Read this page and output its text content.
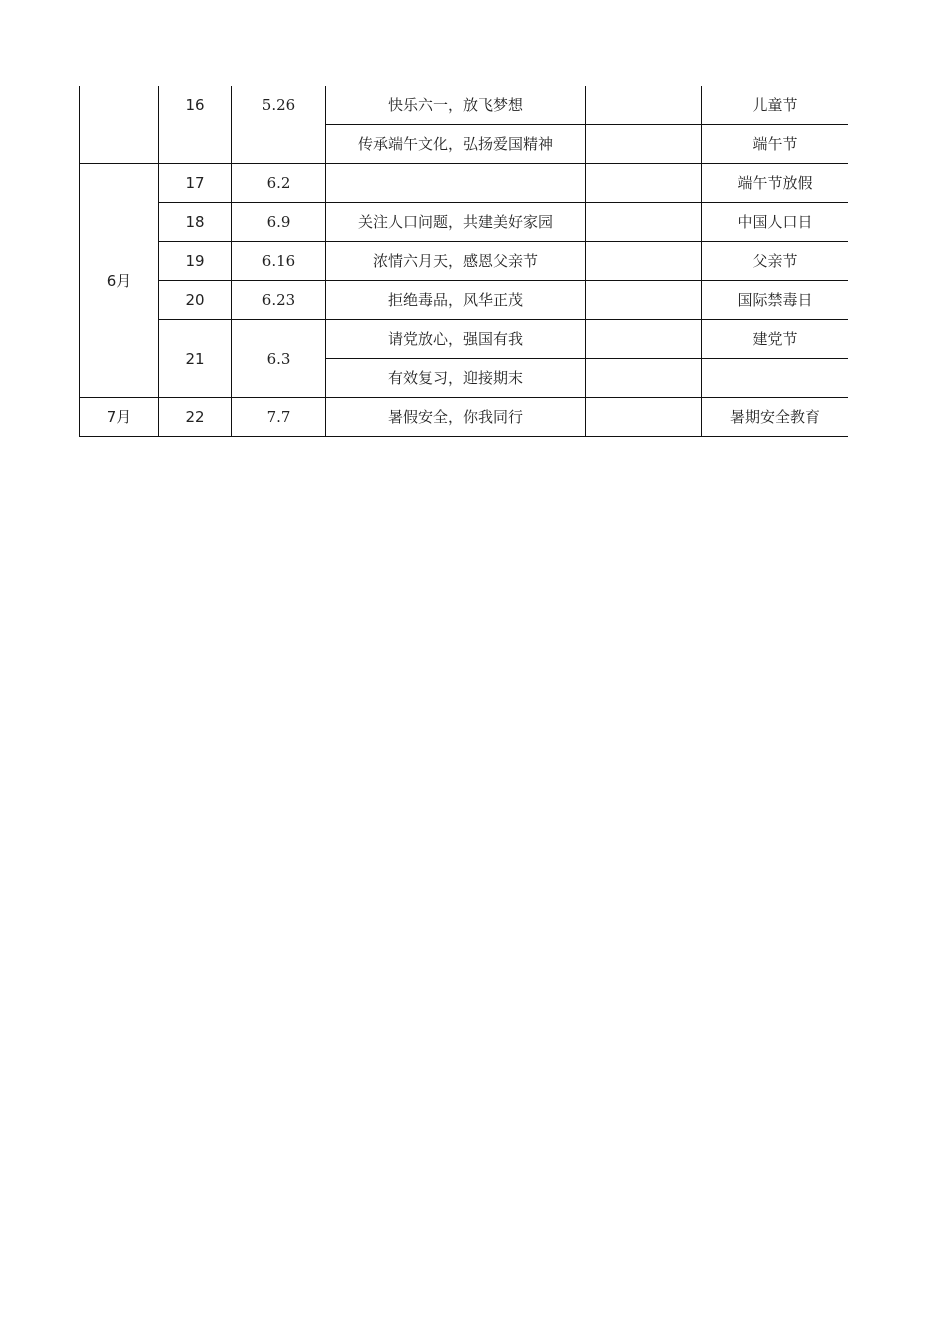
	16	5.26			
			快乐六一，放飞梦想		儿童节
			传承端午文化，弘扬爱国精神		端午节
6月	17	6.2			端午节放假
	18	6.9	关注人口问题，共建美好家园		中国人口日
	19	6.16	浓情六月天，感恩父亲节		父亲节
	20	6.23	拒绝毒品，风华正茂		国际禁毒日
	21	6.3	请党放心，强国有我		建党节
			有效复习，迎接期末		
7月	22	7.7	暑假安全，你我同行		暑期安全教育
